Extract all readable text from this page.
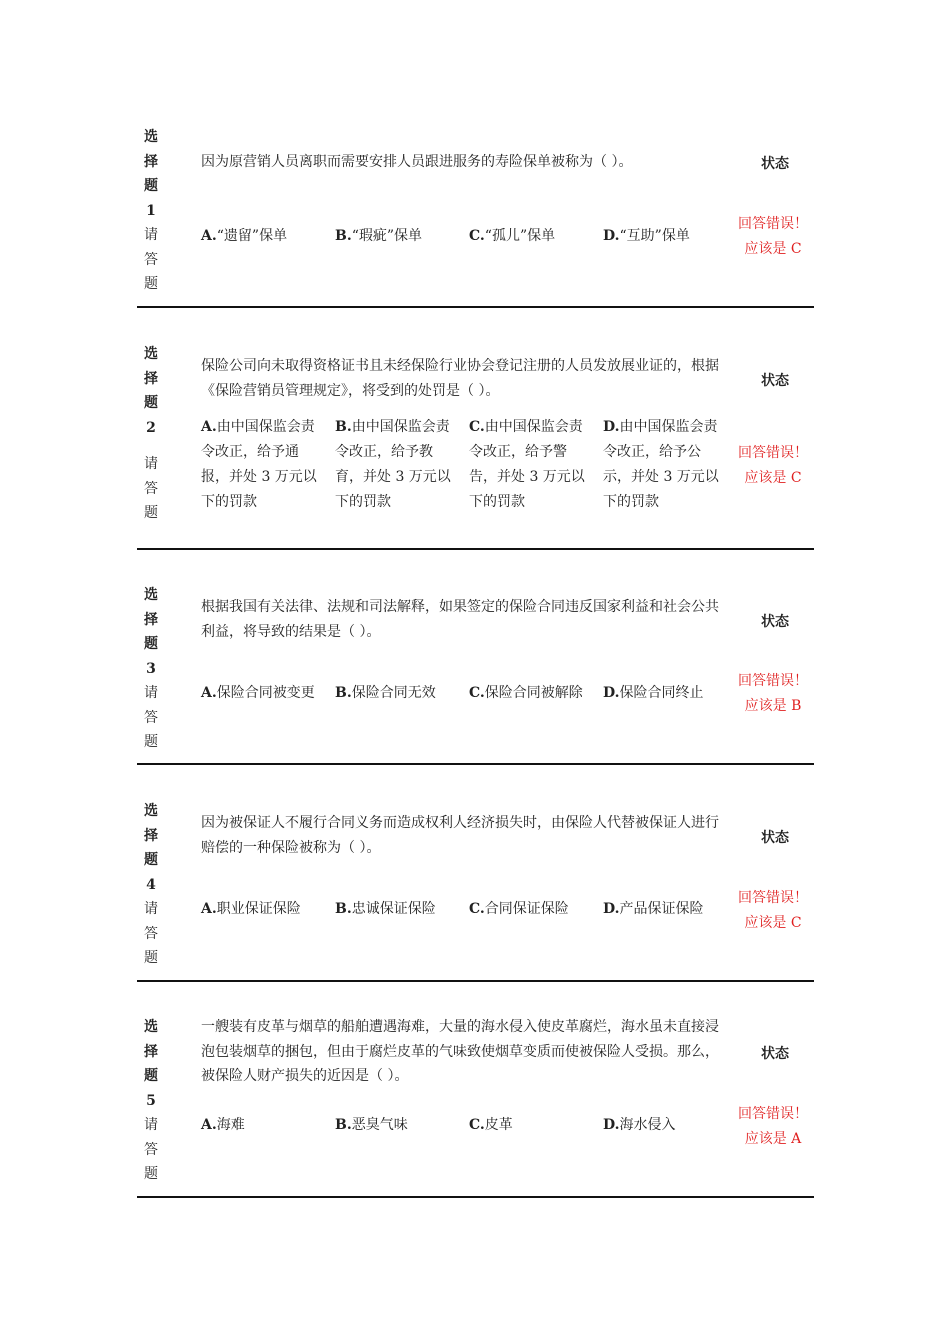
选
择
题 1
请
答
题
因为原营销人员离职而需要安排人员跟进服务的寿险保单被称为（ ）。
A.“遗留”保单	B.“瑕疵”保单	C.“孤儿”保单	D.“互助”保单
状态
回答错误！
应该是 C
选
择
题 2
请
答
题
保险公司向未取得资格证书且未经保险行业协会登记注册的人员发放展业证的，根据《保险营销员管理规定》，将受到的处罚是（ ）。
A.由中国保监会责令改正，给予通报，并处 3 万元以下的罚款
B.由中国保监会责令改正，给予教育，并处 3 万元以下的罚款
C.由中国保监会责令改正，给予警告，并处 3 万元以下的罚款
D.由中国保监会责令改正，给予公示，并处 3 万元以下的罚款
状态
回答错误！
应该是 C
选
择
题 3
请
答
题
根据我国有关法律、法规和司法解释，如果签定的保险合同违反国家利益和社会公共利益，将导致的结果是（ ）。
A.保险合同被变更 B.保险合同无效	C.保险合同被解除 D.保险合同终止
状态
回答错误！
应该是 B
选
择
题 4
请
答
题
因为被保证人不履行合同义务而造成权利人经济损失时，由保险人代替被保证人进行赔偿的一种保险被称为（ ）。
A.职业保证保险	B.忠诚保证保险	C.合同保证保险	D.产品保证保险
状态
回答错误！
应该是 C
选
择
题 5
请
答
题
一艘装有皮革与烟草的船舶遭遇海难，大量的海水侵入使皮革腐烂，海水虽未直接浸泡包装烟草的捆包，但由于腐烂皮革的气味致使烟草变质而使被保险人受损。那么，被保险人财产损失的近因是（ ）。
A.海难	B.恶臭气味	C.皮革	D.海水侵入
状态
回答错误！
应该是 A
